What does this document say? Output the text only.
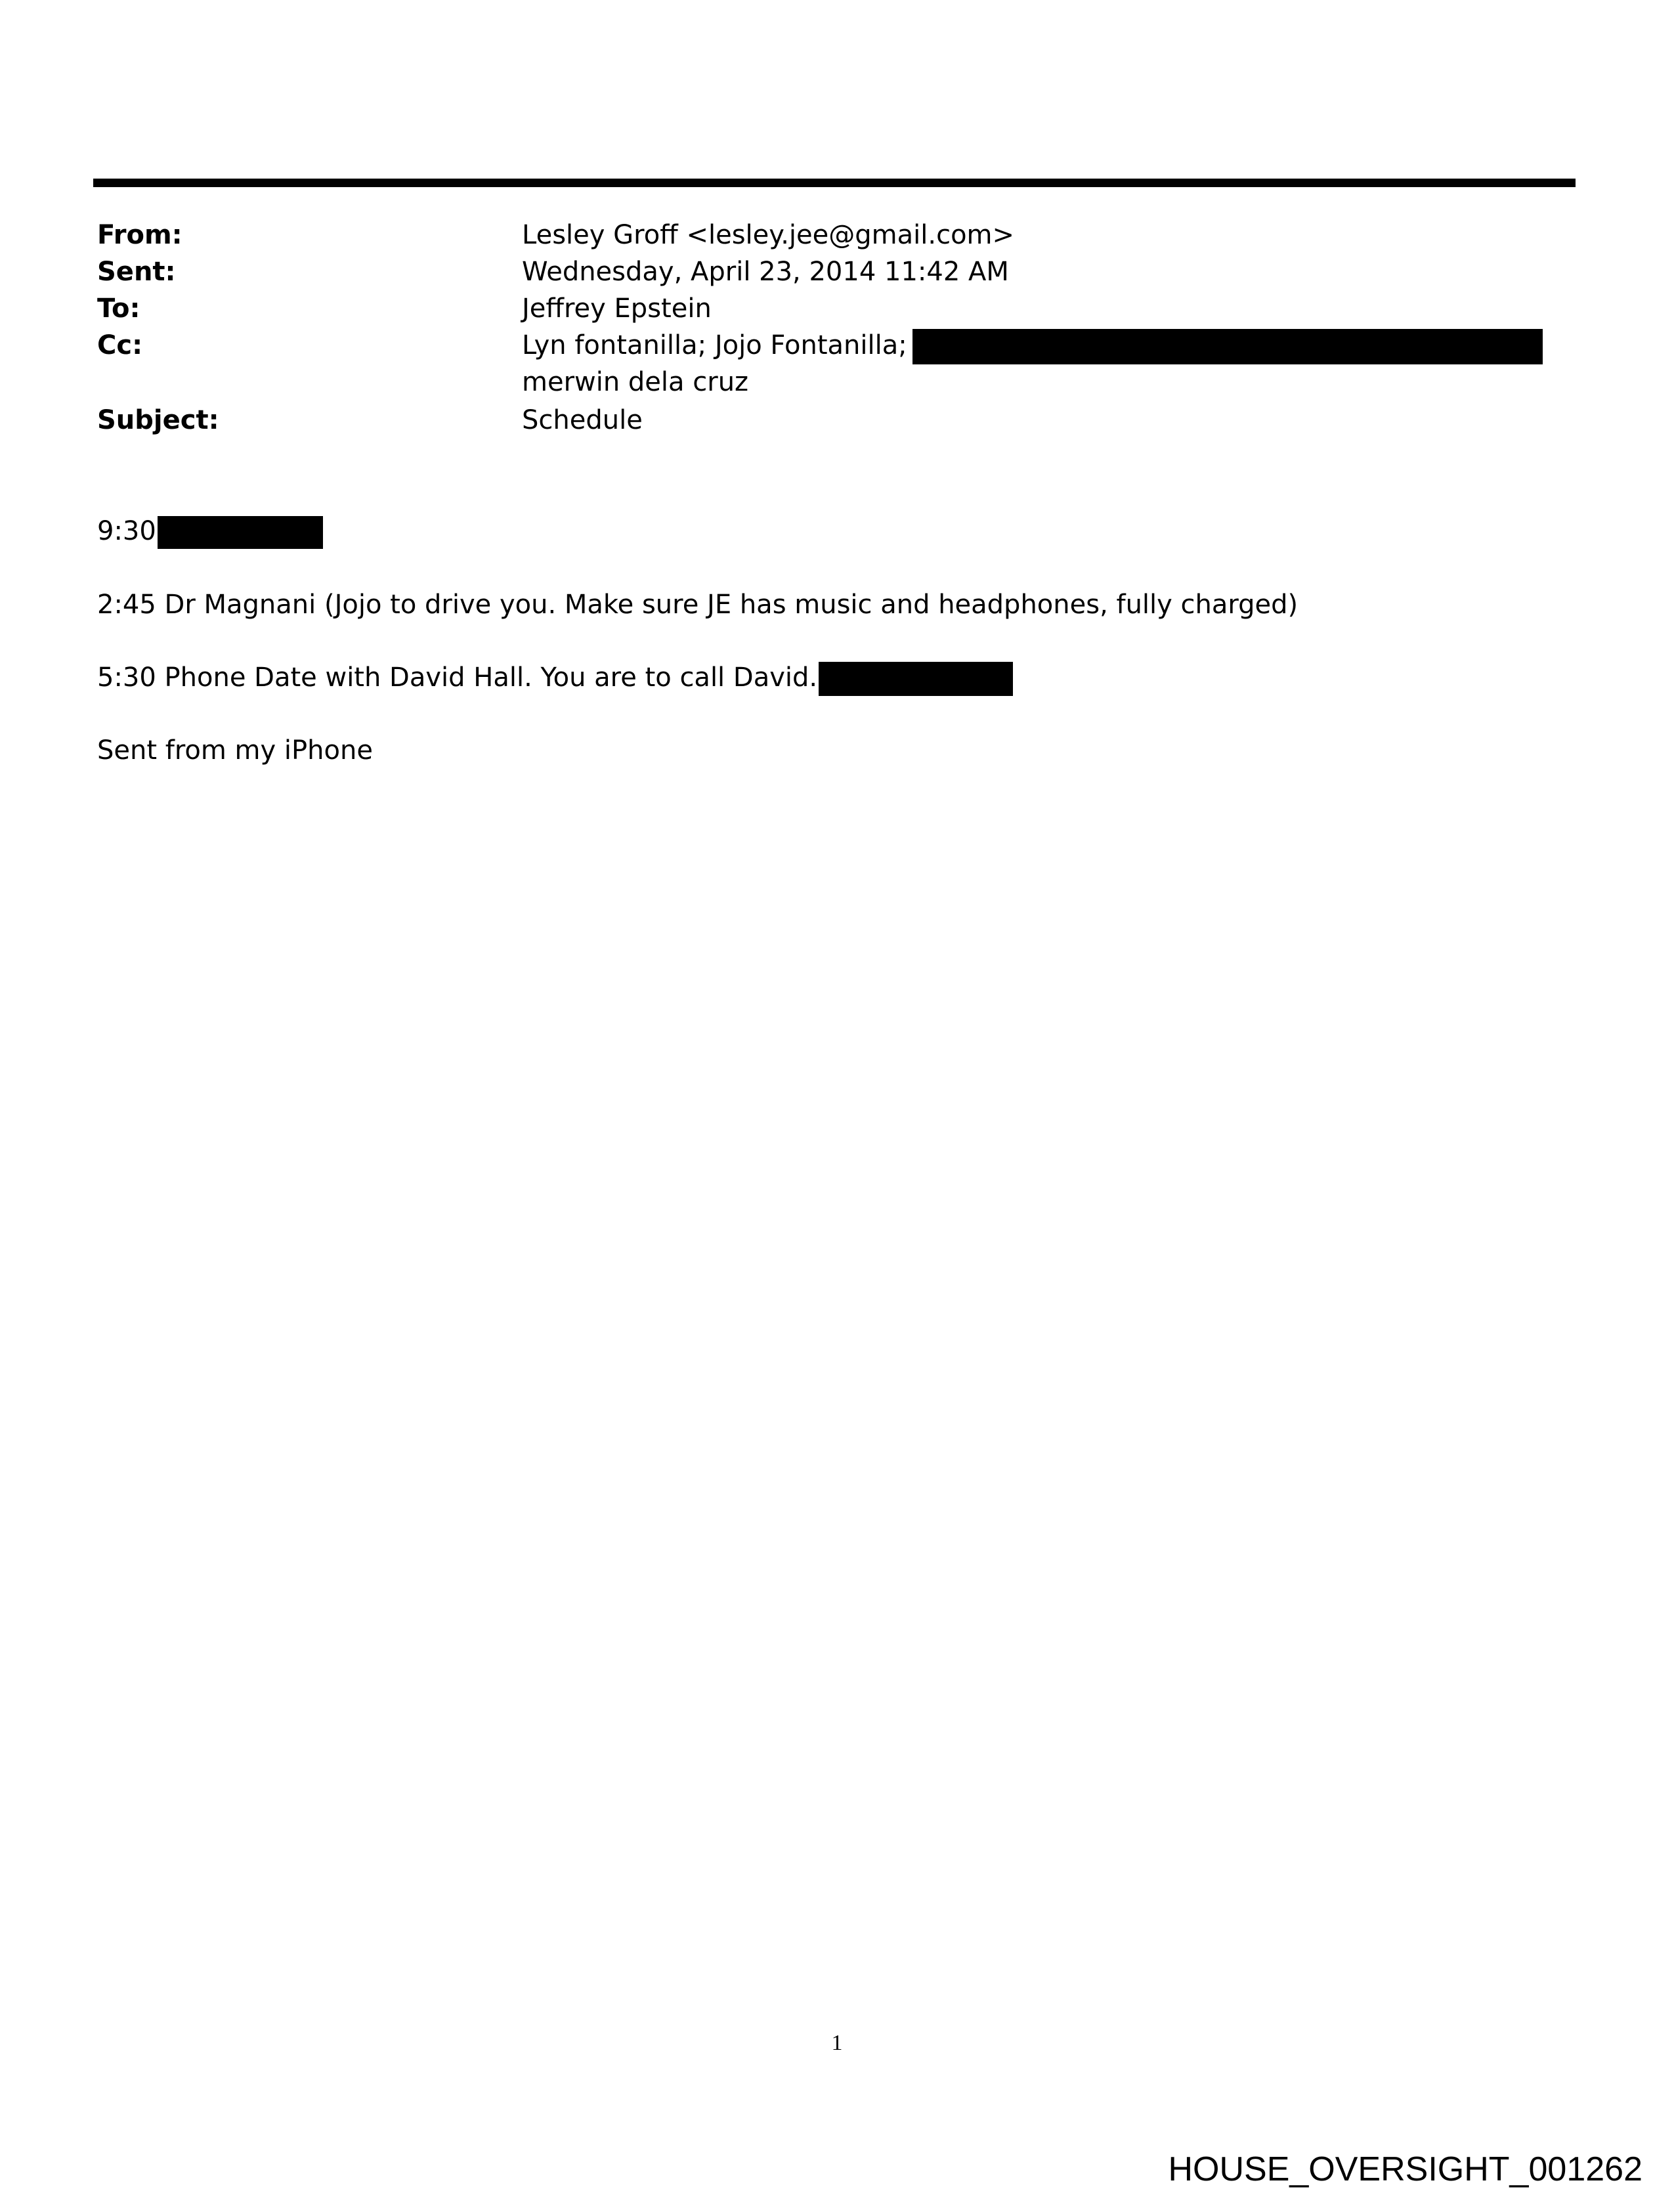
From:	Lesley Groff <lesley.jee@gmail.com>
Sent:	Wednesday, April 23, 2014 11:42 AM
To:	Jeffrey Epstein
Cc:	Lyn fontanilla; Jojo Fontanilla;
merwin dela cruz
Subject:	Schedule
9:30
2:45 Dr Magnani (Jojo to drive you. Make sure JE has music and headphones, fully charged)
5:30 Phone Date with David Hall. You are to call David.
Sent from my iPhone
1
HOUSE_OVERSIGHT_001262
